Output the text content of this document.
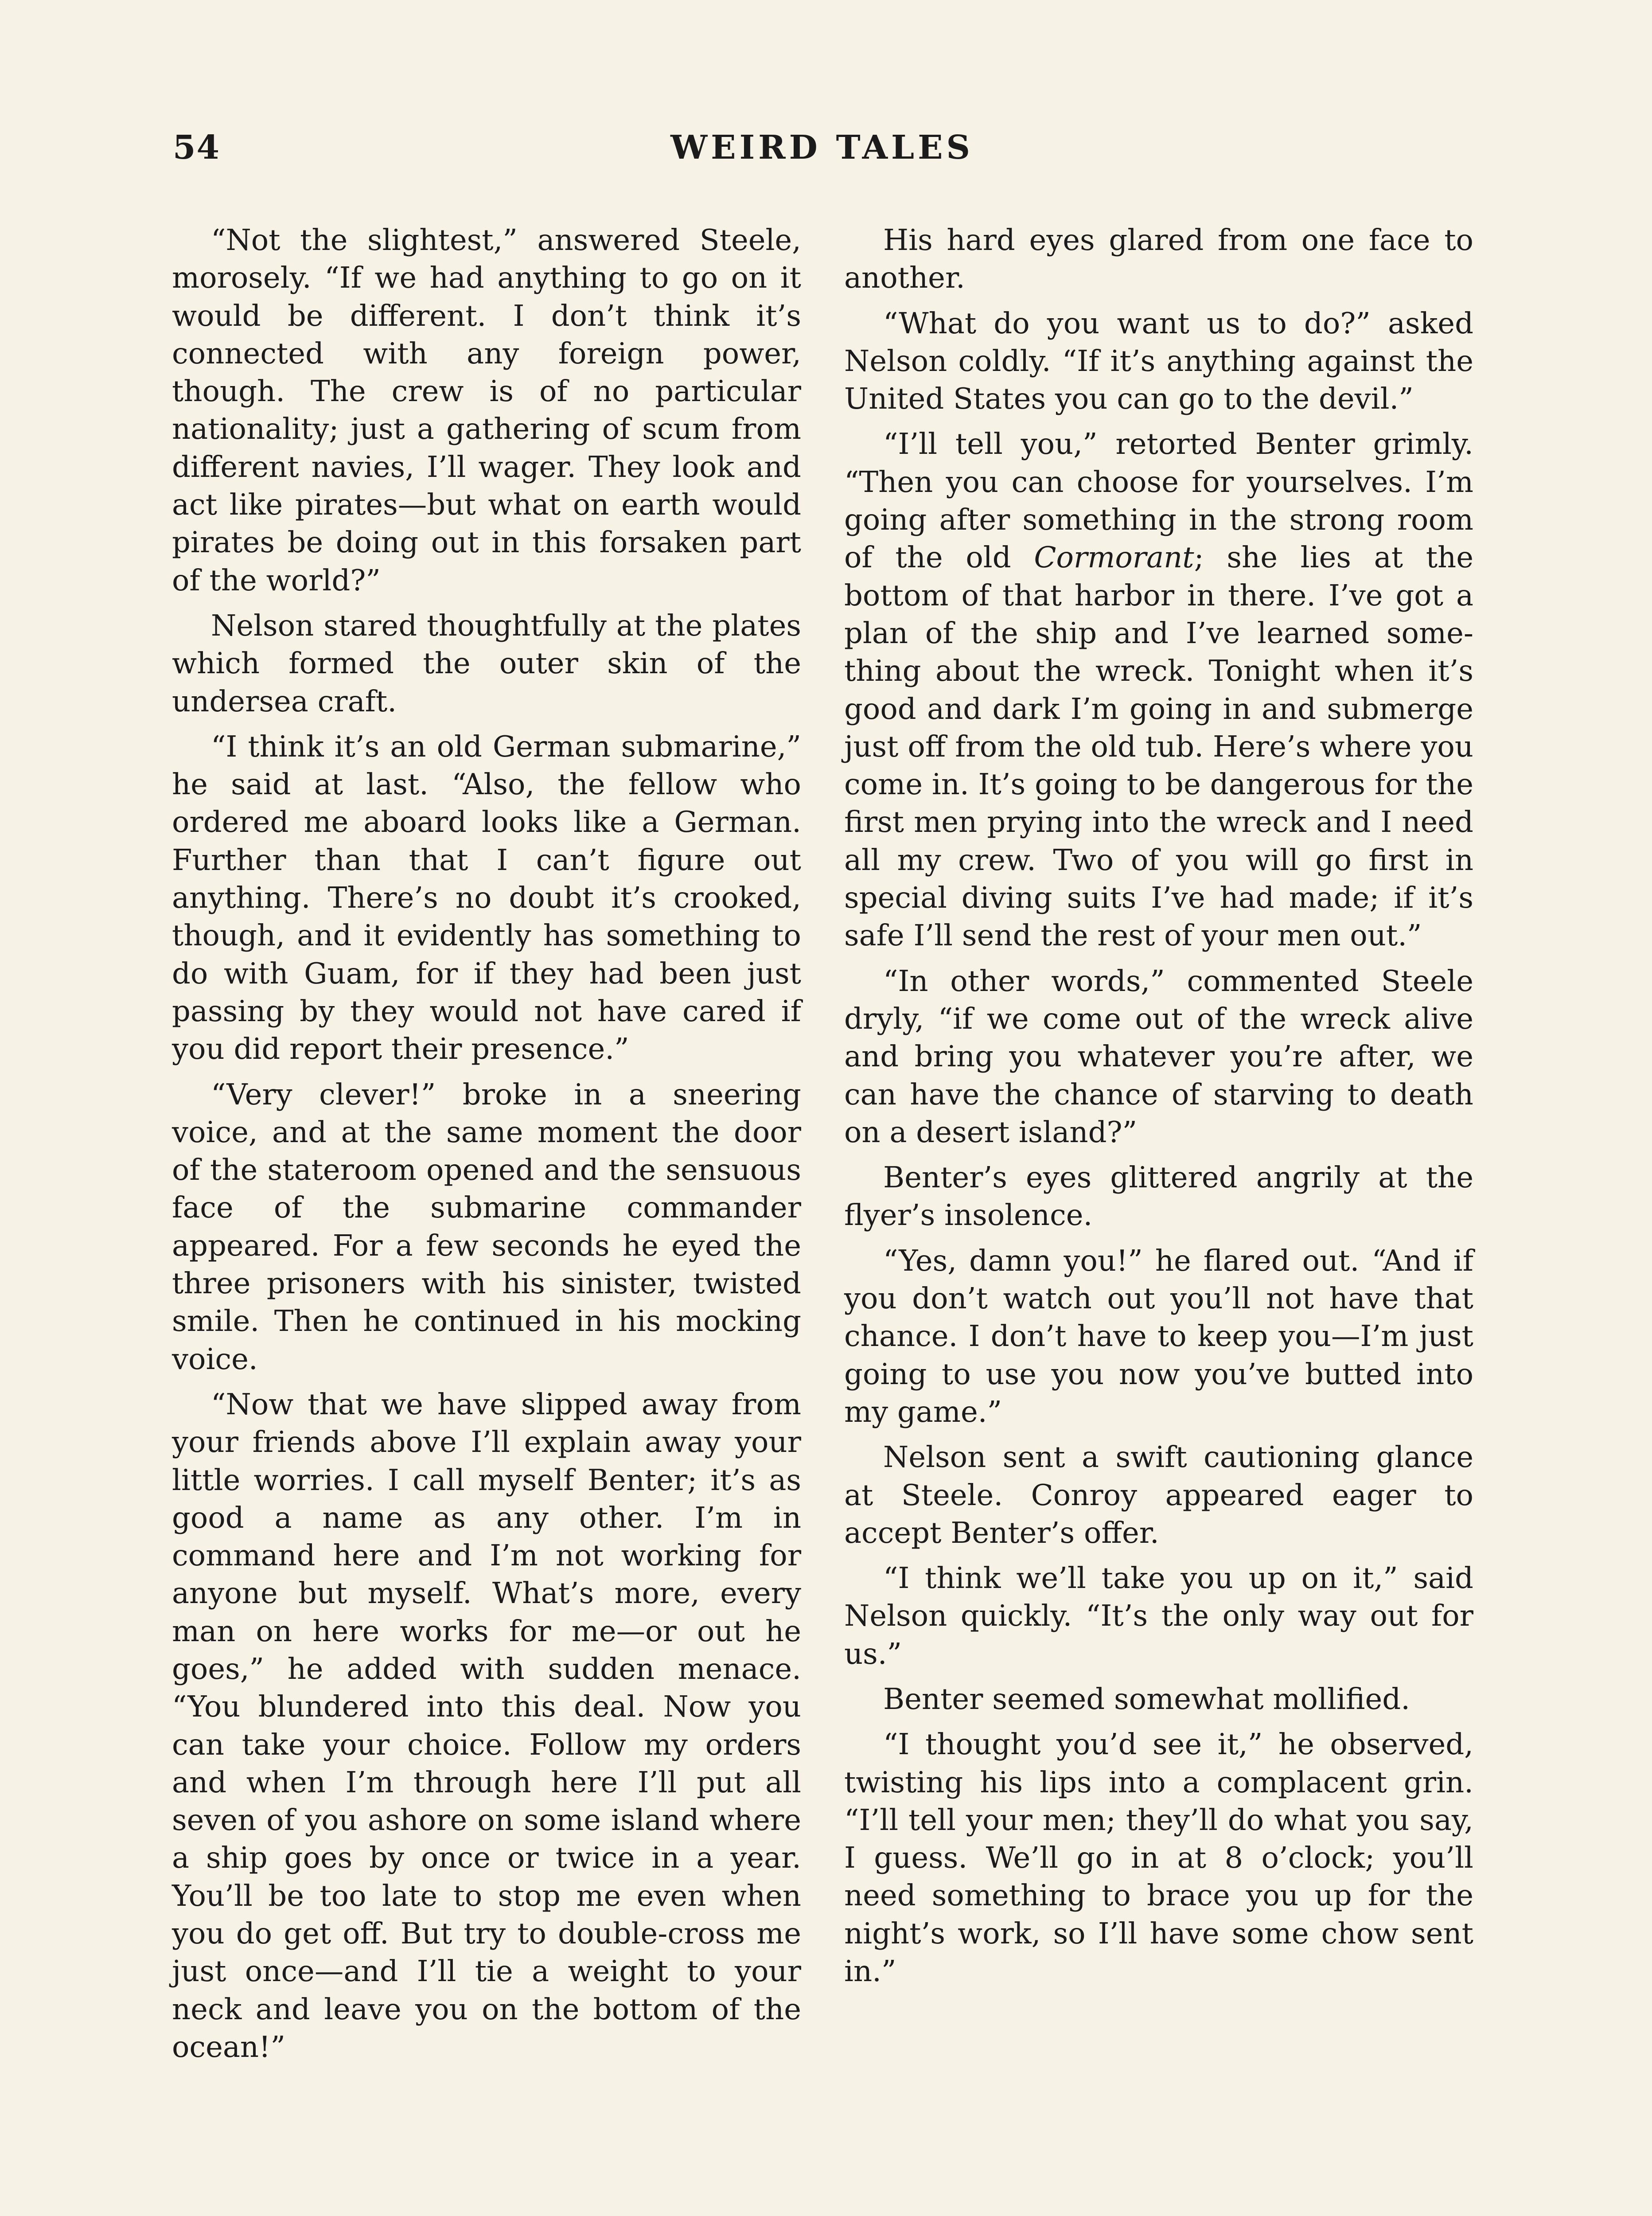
54	WEIRD TALES

“Not the slightest,” answered Steele, morosely. “If we had anything to go on it would be different. I don’t think it’s connected with any foreign power, though. The crew is of no particular nationality; just a gathering of scum from different navies, I’ll wager. They look and act like pirates—but what on earth would pirates be doing out in this forsaken part of the world?”

Nelson stared thoughtfully at the plates which formed the outer skin of the undersea craft.

“I think it’s an old German submarine,” he said at last. “Also, the fellow who ordered me aboard looks like a German. Further than that I can’t figure out anything. There’s no doubt it’s crooked, though, and it evidently has something to do with Guam, for if they had been just passing by they would not have cared if you did report their presence.”

“Very clever!” broke in a sneering voice, and at the same moment the door of the stateroom opened and the sensuous face of the submarine commander appeared. For a few seconds he eyed the three prisoners with his sinister, twisted smile. Then he continued in his mocking voice.

“Now that we have slipped away from your friends above I’ll explain away your little worries. I call myself Benter; it’s as good a name as any other. I’m in command here and I’m not working for anyone but myself. What’s more, every man on here works for me—or out he goes,” he added with sudden menace. “You blundered into this deal. Now you can take your choice. Follow my orders and when I’m through here I’ll put all seven of you ashore on some island where a ship goes by once or twice in a year. You’ll be too late to stop me even when you do get off. But try to double-cross me just once—and I’ll tie a weight to your neck and leave you on the bottom of the ocean!”

His hard eyes glared from one face to another.

“What do you want us to do?” asked Nelson coldly. “If it’s anything against the United States you can go to the devil.”

“I’ll tell you,” retorted Benter grimly. “Then you can choose for yourselves. I’m going after something in the strong room of the old Cormorant; she lies at the bottom of that harbor in there. I’ve got a plan of the ship and I’ve learned something about the wreck. Tonight when it’s good and dark I’m going in and submerge just off from the old tub. Here’s where you come in. It’s going to be dangerous for the first men prying into the wreck and I need all my crew. Two of you will go first in special diving suits I’ve had made; if it’s safe I’ll send the rest of your men out.”

“In other words,” commented Steele dryly, “if we come out of the wreck alive and bring you whatever you’re after, we can have the chance of starving to death on a desert island?”

Benter’s eyes glittered angrily at the flyer’s insolence.

“Yes, damn you!” he flared out. “And if you don’t watch out you’ll not have that chance. I don’t have to keep you—I’m just going to use you now you’ve butted into my game.”

Nelson sent a swift cautioning glance at Steele. Conroy appeared eager to accept Benter’s offer.

“I think we’ll take you up on it,” said Nelson quickly. “It’s the only way out for us.”

Benter seemed somewhat mollified.

“I thought you’d see it,” he observed, twisting his lips into a complacent grin. “I’ll tell your men; they’ll do what you say, I guess. We’ll go in at 8 o’clock; you’ll need something to brace you up for the night’s work, so I’ll have some chow sent in.”
